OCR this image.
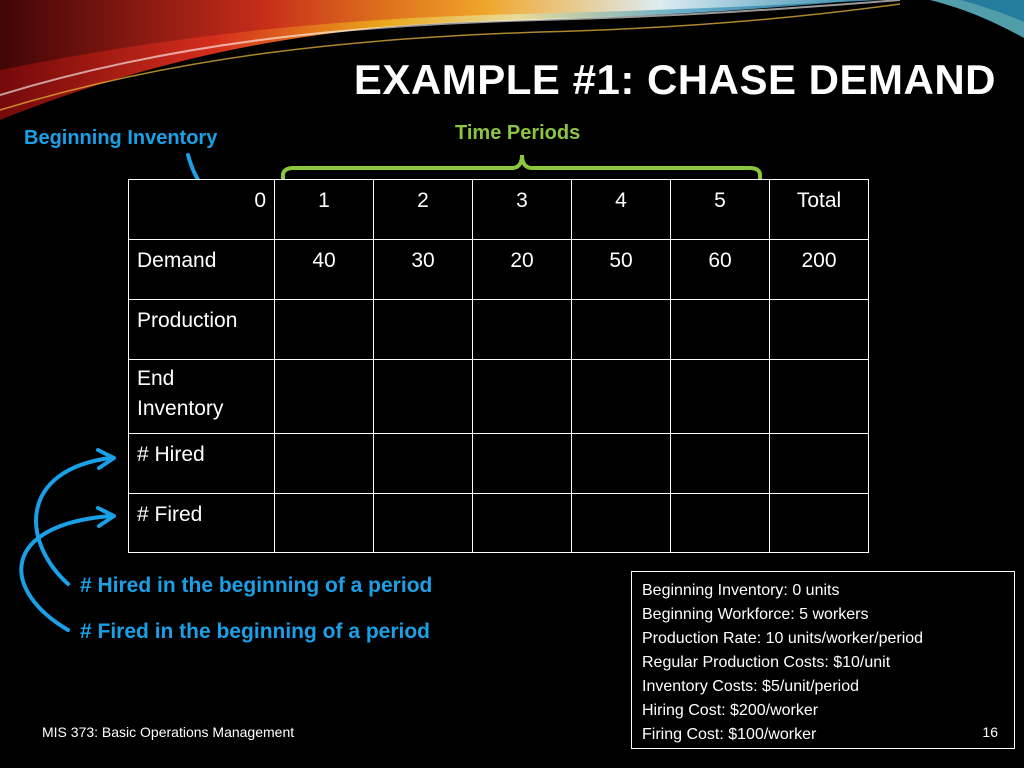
EXAMPLE #1: CHASE DEMAND
Beginning Inventory	Time Periods
0	1	2	3	4	5	Total
Demand	40	30	20	50	60	200
Production						
End Inventory						
# Hired						
# Fired						
# Hired in the beginning of a period
# Fired in the beginning of a period
Beginning Inventory: 0 units
Beginning Workforce: 5 workers
Production Rate: 10 units/worker/period
Regular Production Costs: $10/unit
Inventory Costs: $5/unit/period
Hiring Cost: $200/worker
Firing Cost: $100/worker
MIS 373: Basic Operations Management	16
